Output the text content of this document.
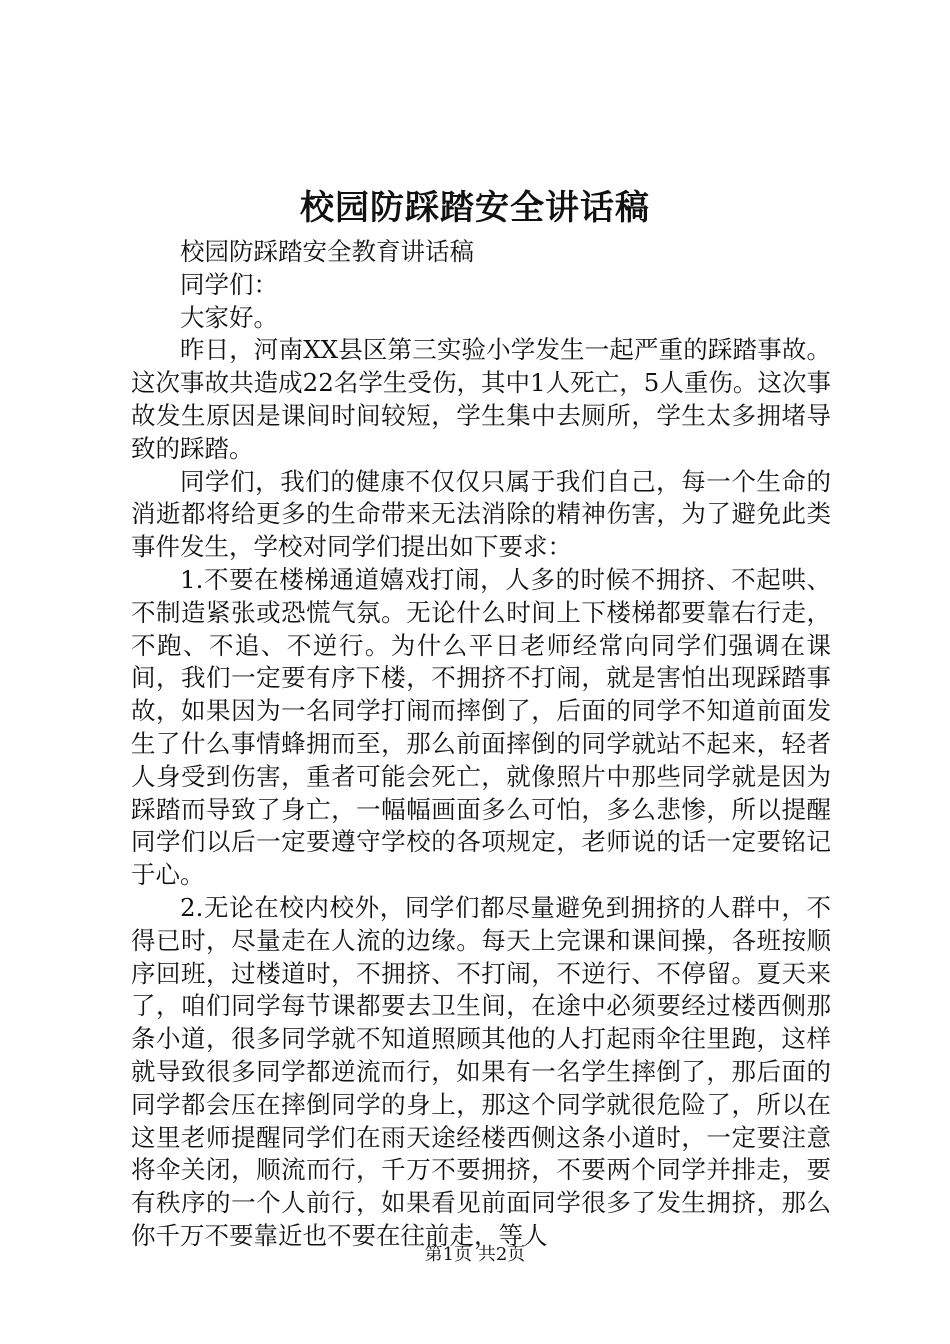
校园防踩踏安全讲话稿

校园防踩踏安全教育讲话稿

同学们：

大家好。

昨日，河南XX县区第三实验小学发生一起严重的踩踏事故。这次事故共造成22名学生受伤，其中1人死亡，5人重伤。这次事故发生原因是课间时间较短，学生集中去厕所，学生太多拥堵导致的踩踏。

同学们，我们的健康不仅仅只属于我们自己，每一个生命的消逝都将给更多的生命带来无法消除的精神伤害，为了避免此类事件发生，学校对同学们提出如下要求：

1.不要在楼梯通道嬉戏打闹，人多的时候不拥挤、不起哄、不制造紧张或恐慌气氛。无论什么时间上下楼梯都要靠右行走，不跑、不追、不逆行。为什么平日老师经常向同学们强调在课间，我们一定要有序下楼，不拥挤不打闹，就是害怕出现踩踏事故，如果因为一名同学打闹而摔倒了，后面的同学不知道前面发生了什么事情蜂拥而至，那么前面摔倒的同学就站不起来，轻者人身受到伤害，重者可能会死亡，就像照片中那些同学就是因为踩踏而导致了身亡，一幅幅画面多么可怕，多么悲惨，所以提醒同学们以后一定要遵守学校的各项规定，老师说的话一定要铭记于心。

2.无论在校内校外，同学们都尽量避免到拥挤的人群中，不得已时，尽量走在人流的边缘。每天上完课和课间操，各班按顺序回班，过楼道时，不拥挤、不打闹，不逆行、不停留。夏天来了，咱们同学每节课都要去卫生间，在途中必须要经过楼西侧那条小道，很多同学就不知道照顾其他的人打起雨伞往里跑，这样就导致很多同学都逆流而行，如果有一名学生摔倒了，那后面的同学都会压在摔倒同学的身上，那这个同学就很危险了，所以在这里老师提醒同学们在雨天途经楼西侧这条小道时，一定要注意将伞关闭，顺流而行，千万不要拥挤，不要两个同学并排走，要有秩序的一个人前行，如果看见前面同学很多了发生拥挤，那么你千万不要靠近也不要在往前走，等人

第1页 共2页
